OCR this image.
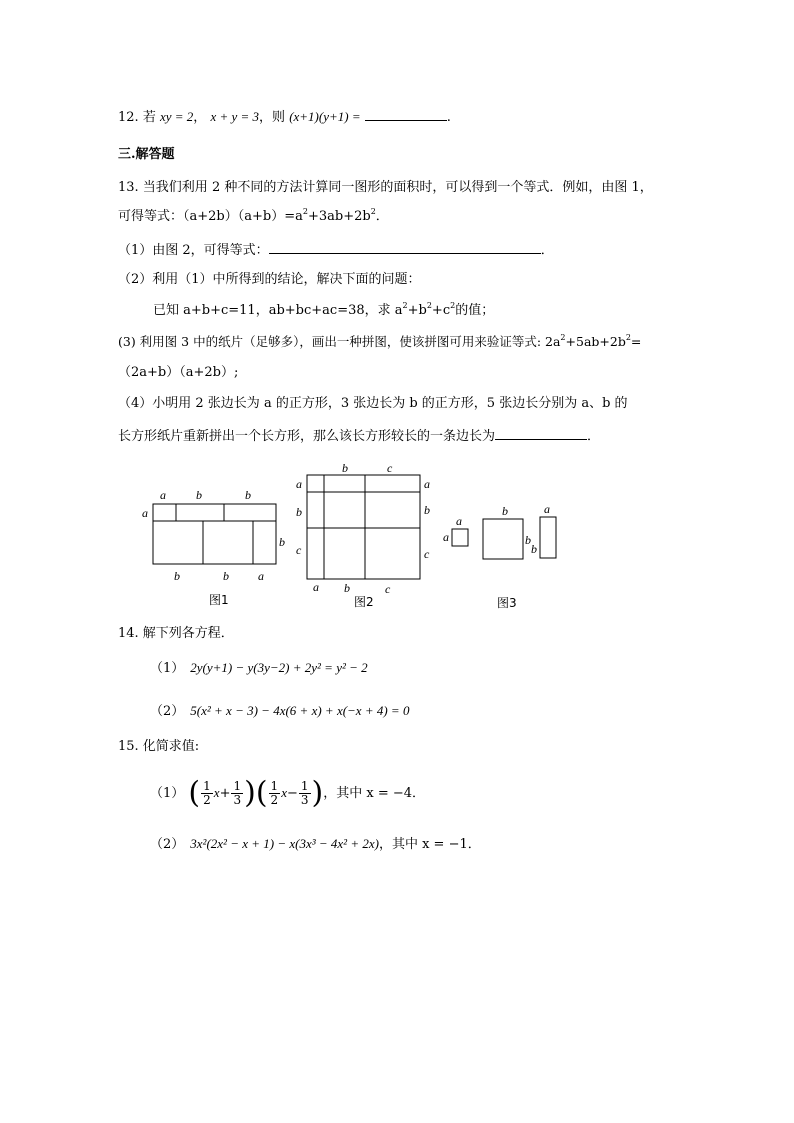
12. 若 xy = 2， x + y = 3，则 (x+1)(y+1) =	.
三.解答题
13. 当我们利用 2 种不同的方法计算同一图形的面积时，可以得到一个等式．例如，由图 1，
可得等式：$(a+2b)(a+b)=a^2+3ab+2b^2$．
（1）由图 2，可得等式：	．
（2）利用（1）中所得到的结论，解决下面的问题：
已知 a+b+c=11，ab+bc+ac=38，求 $a^2+b^2+c^2$的值；
(3) 利用图 3 中的纸片（足够多），画出一种拼图，使该拼图可用来验证等式: $2a^2+5ab+2b^2=$
（2a+b）（a+2b）;
（4）小明用 2 张边长为 a 的正方形，3 张边长为 b 的正方形，5 张边长分别为 a、b 的
长方形纸片重新拼出一个长方形，那么该长方形较长的一条边长为	．
a	b	b
a
b
b	b a
图1
b	c
a
b
c
a
b
c
a b	c
图2
a
a
b
b
a
b
图3
14. 解下列各方程．
（1） 2y(y+1) − y(3y−2) + 2y² = y² − 2
（2） 5(x² + x − 3) − 4x(6 + x) + x(−x + 4) = 0
15. 化简求值:
（1） ( $\frac{1}{2} x+ \frac{1}{3}$ )( $\frac{1}{2} x- \frac{1}{3}$ )，其中 x = −4．
（2） 3x²(2x² − x + 1) − x(3x³ − 4x² + 2x)，其中 x = −1．
